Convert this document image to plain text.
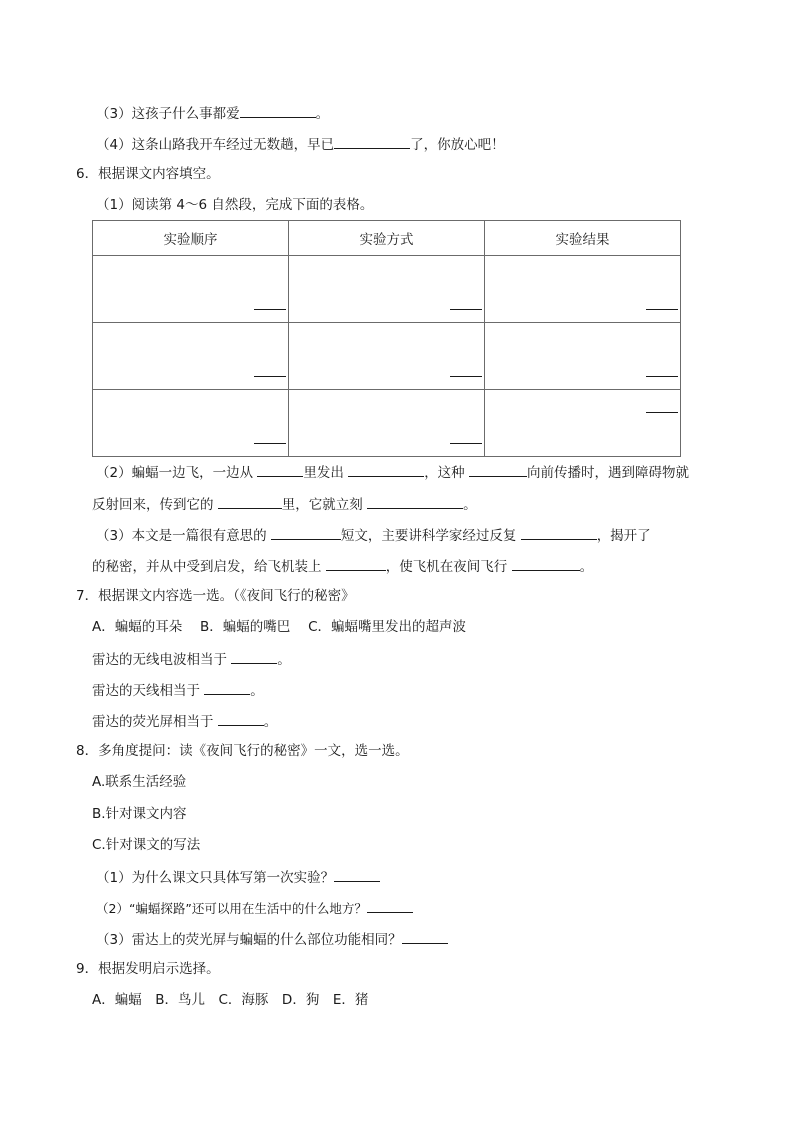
（3）这孩子什么事都爱	。
（4）这条山路我开车经过无数趟，早已	了，你放心吧！
6．根据课文内容填空。
（1）阅读第 4～6 自然段，完成下面的表格。
实验顺序	实验方式	实验结果

（2）蝙蝠一边飞，一边从	里发出	，这种	向前传播时，遇到障碍物就
反射回来，传到它的	里，它就立刻	。
（3）本文是一篇很有意思的	短文，主要讲科学家经过反复	，揭开了
的秘密，并从中受到启发，给飞机装上	，使飞机在夜间飞行	。
7．根据课文内容选一选。（《夜间飞行的秘密》
A．蝙蝠的耳朵　 B．蝙蝠的嘴巴　 C．蝙蝠嘴里发出的超声波
雷达的无线电波相当于	。
雷达的天线相当于	。
雷达的荧光屏相当于	。
8．多角度提问：读《夜间飞行的秘密》一文，选一选。
A.联系生活经验
B.针对课文内容
C.针对课文的写法
（1）为什么课文只具体写第一次实验？
（2）“蝙蝠探路”还可以用在生活中的什么地方？
（3）雷达上的荧光屏与蝙蝠的什么部位功能相同？
9．根据发明启示选择。
A．蝙蝠　B．鸟儿　C．海豚　D．狗　E．猪
